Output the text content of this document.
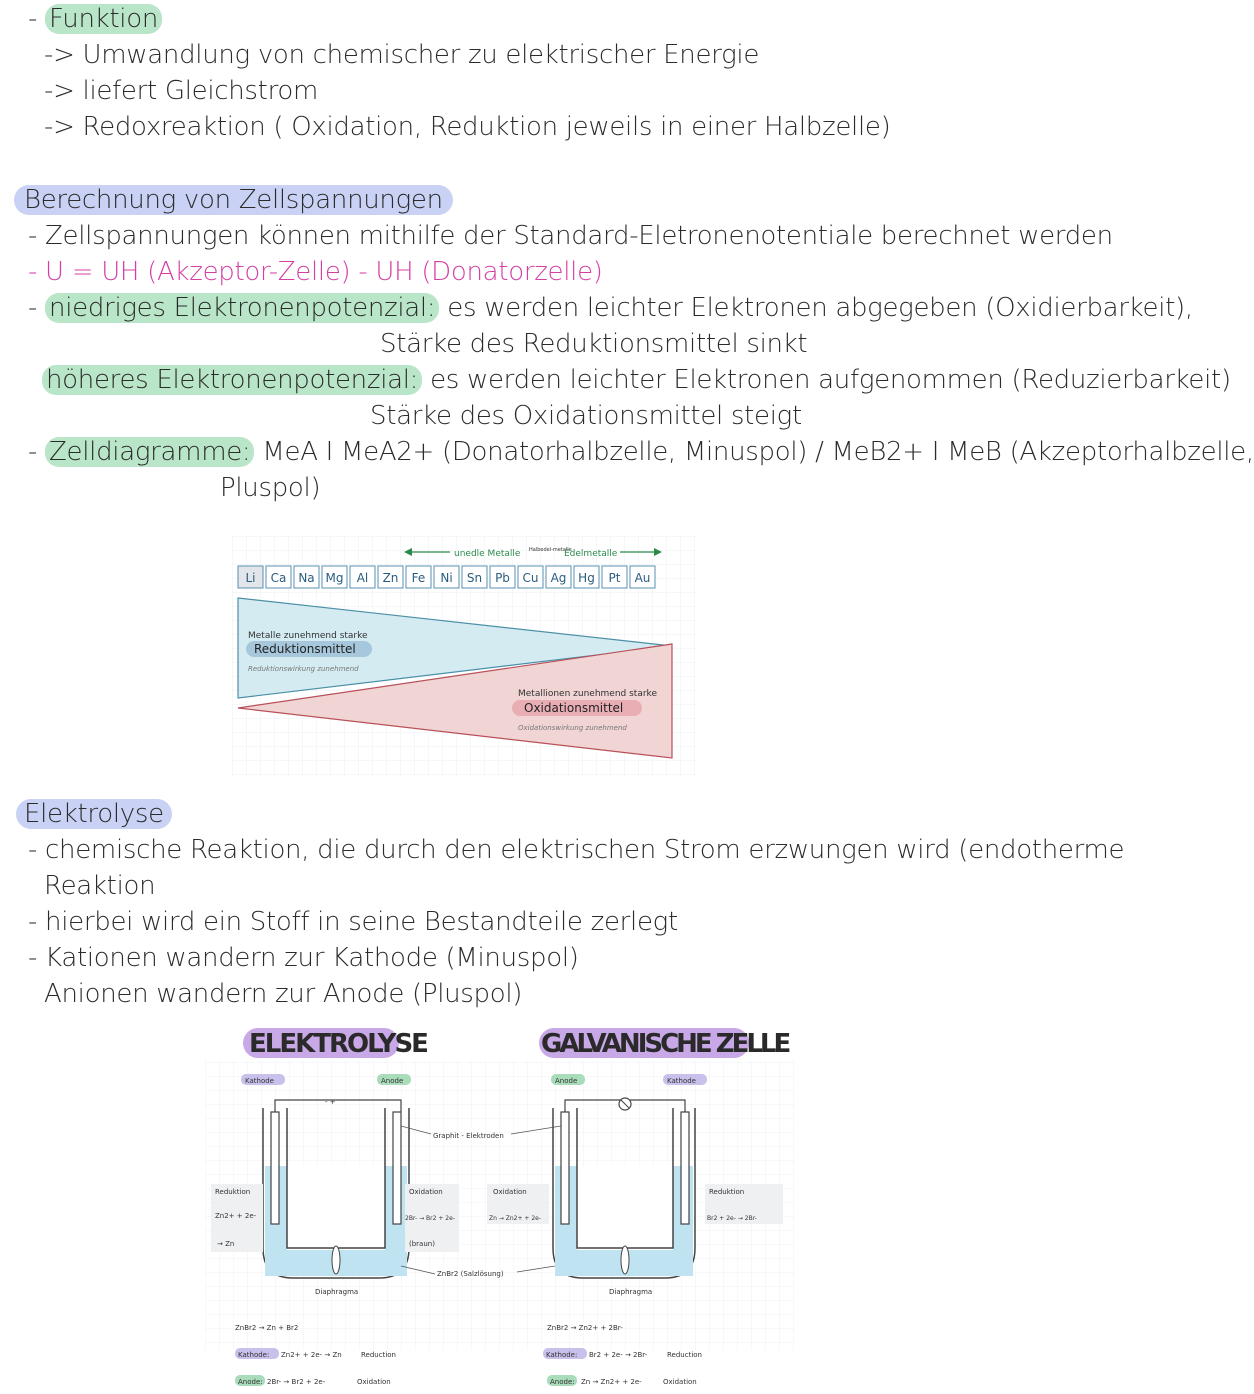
- Funktion
-> Umwandlung von chemischer zu elektrischer Energie
-> liefert Gleichstrom
-> Redoxreaktion ( Oxidation, Reduktion jeweils in einer Halbzelle)
Berechnung von Zellspannungen
- Zellspannungen können mithilfe der Standard-Eletronenotentiale berechnet werden
- U = UH (Akzeptor-Zelle) - UH (Donatorzelle)
- niedriges Elektronenpotenzial: es werden leichter Elektronen abgegeben (Oxidierbarkeit),
Stärke des Reduktionsmittel sinkt
höheres Elektronenpotenzial: es werden leichter Elektronen aufgenommen (Reduzierbarkeit)
Stärke des Oxidationsmittel steigt
- Zelldiagramme: MeA I MeA2+ (Donatorhalbzelle, Minuspol) / MeB2+ I MeB (Akzeptorhalbzelle,
Pluspol)
unedle Metalle Halbedel-metalle
Edelmetalle
Li Ca Na Mg Al Zn Fe Ni Sn Pb Cu Ag Hg Pt Au
Metalle zunehmend starke
Reduktionsmittel
Reduktionswirkung zunehmend
Metallionen zunehmend starke
Oxidationsmittel
Oxidationswirkung zunehmend
Elektrolyse
- chemische Reaktion, die durch den elektrischen Strom erzwungen wird (endotherme
Reaktion
- hierbei wird ein Stoff in seine Bestandteile zerlegt
- Kationen wandern zur Kathode (Minuspol)
Anionen wandern zur Anode (Pluspol)
ELEKTROLYSE	GALVANISCHE ZELLE
Kathode	Anode	Anode	Kathode
- +
Graphit - Elektroden
ZnBr2 (Salzlösung)
Diaphragma	Diaphragma
Reduktion
Zn2+ + 2e-
→ Zn
Oxidation
2Br- → Br2 + 2e-
(braun)
Oxidation
Zn → Zn2+ + 2e-
Reduktion
Br2 + 2e- → 2Br-
ZnBr2 → Zn + Br2
Kathode: Zn2+ + 2e- → Zn	Reduction
Anode: 2Br- → Br2 + 2e-	Oxidation
ZnBr2 → Zn2+ + 2Br-
Kathode: Br2 + 2e- → 2Br-	Reduction
Anode: Zn → Zn2+ + 2e-	Oxidation
